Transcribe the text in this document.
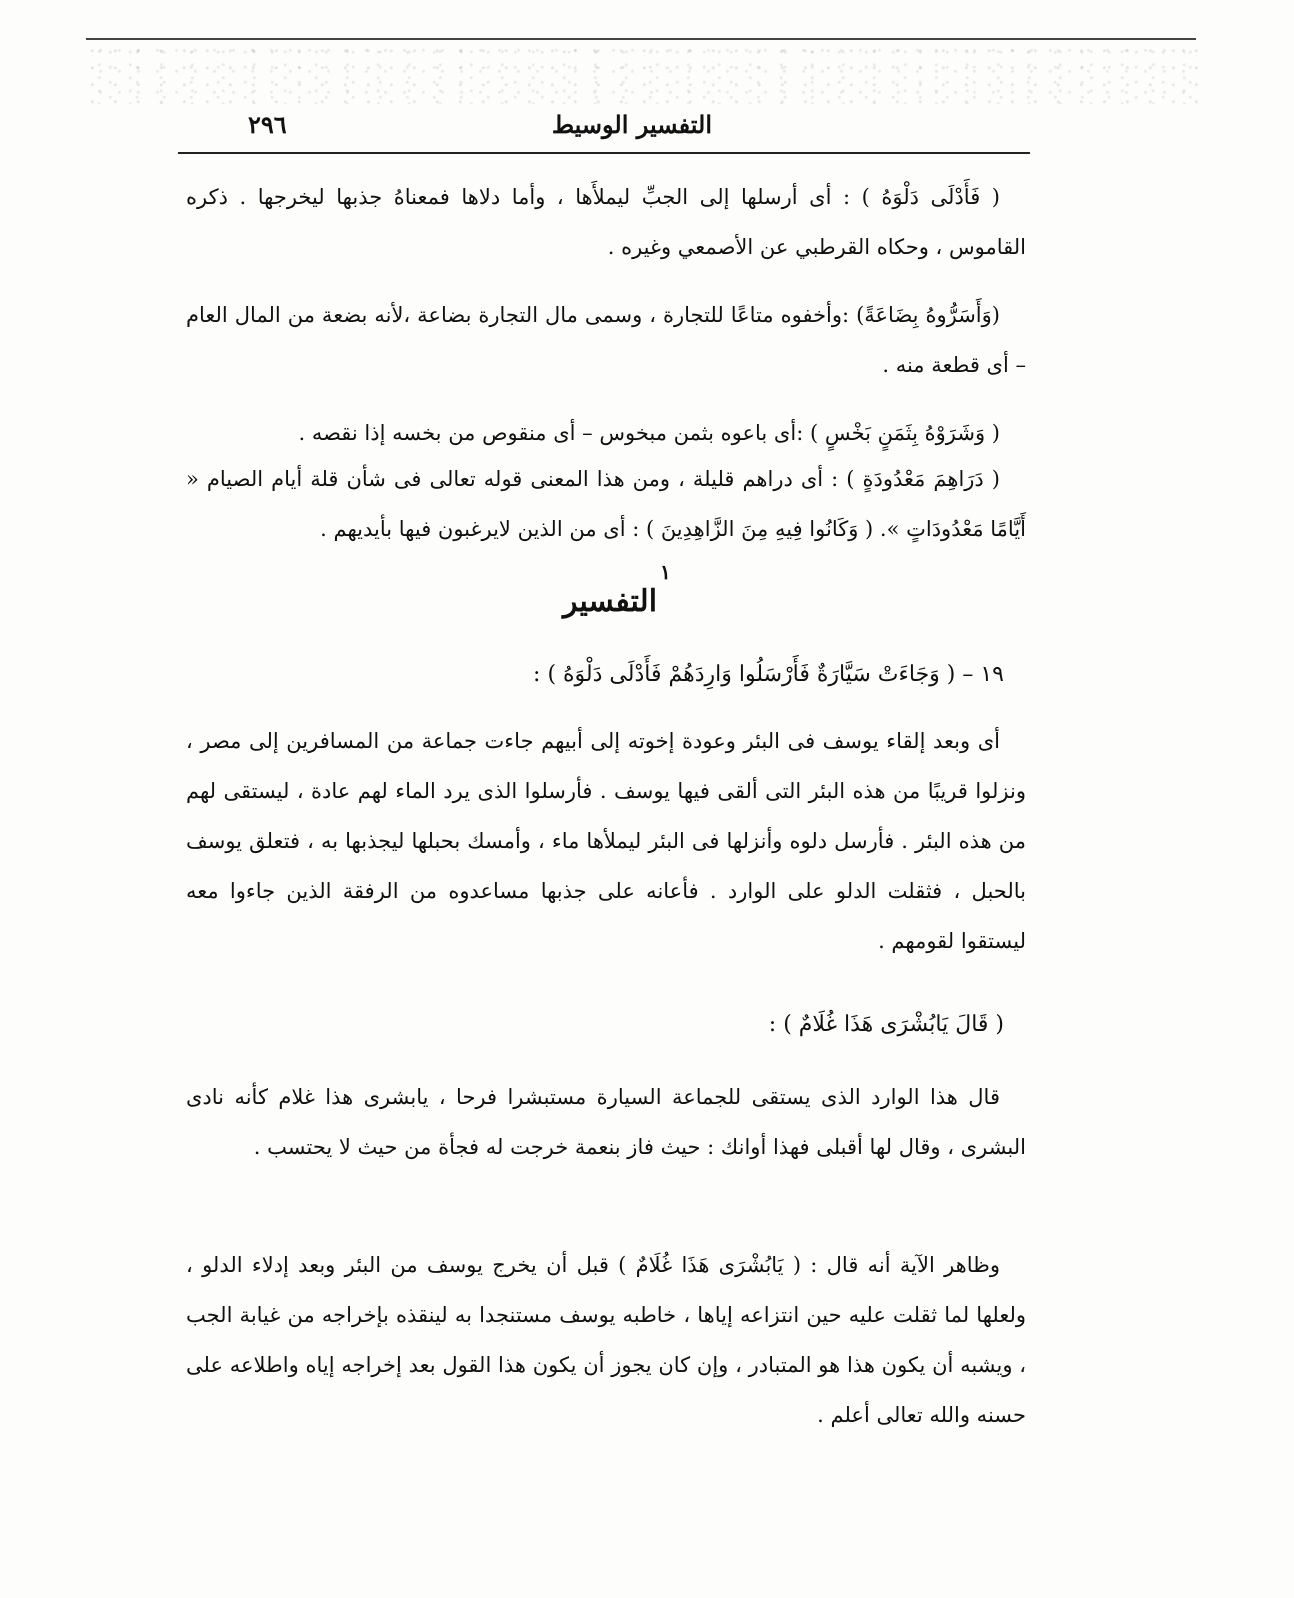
التفسير الوسيط
٢٩٦
( فَأَدْلَى دَلْوَهُ ) : أى أرسلها إلى الجبِّ ليملأَها ، وأما دلاها فمعناهُ جذبها ليخرجها . ذكره القاموس ، وحكاه القرطبي عن الأصمعي وغيره .
(وَأَسَرُّوهُ بِضَاعَةً) :وأخفوه متاعًا للتجارة ، وسمى مال التجارة بضاعة ،لأنه بضعة من المال العام – أى قطعة منه .
( وَشَرَوْهُ بِثَمَنٍ بَخْسٍ ) :أى باعوه بثمن مبخوس – أى منقوص من بخسه إذا نقصه .
( دَرَاهِمَ مَعْدُودَةٍ ) : أى دراهم قليلة ، ومن هذا المعنى قوله تعالى فى شأن قلة أيام الصيام « أَيَّامًا مَعْدُودَاتٍ ». ( وَكَانُوا فِيهِ مِنَ الزَّاهِدِينَ ) : أى من الذين لايرغبون فيها بأيديهم .
١
التفسير
١٩ – ( وَجَاءَتْ سَيَّارَةٌ فَأَرْسَلُوا وَارِدَهُمْ فَأَدْلَى دَلْوَهُ ) :
أى وبعد إلقاء يوسف فى البئر وعودة إخوته إلى أبيهم جاءت جماعة من المسافرين إلى مصر ، ونزلوا قريبًا من هذه البئر التى ألقى فيها يوسف . فأرسلوا الذى يرد الماء لهم عادة ، ليستقى لهم من هذه البئر . فأرسل دلوه وأنزلها فى البئر ليملأها ماء ، وأمسك بحبلها ليجذبها به ، فتعلق يوسف بالحبل ، فثقلت الدلو على الوارد . فأعانه على جذبها مساعدوه من الرفقة الذين جاءوا معه ليستقوا لقومهم .
( قَالَ يَابُشْرَى هَذَا غُلَامٌ ) :
قال هذا الوارد الذى يستقى للجماعة السيارة مستبشرا فرحا ، يابشرى هذا غلام كأنه نادى البشرى ، وقال لها أقبلى فهذا أوانك : حيث فاز بنعمة خرجت له فجأة من حيث لا يحتسب .
وظاهر الآية أنه قال : ( يَابُشْرَى هَذَا غُلَامٌ ) قبل أن يخرج يوسف من البئر وبعد إدلاء الدلو ، ولعلها لما ثقلت عليه حين انتزاعه إياها ، خاطبه يوسف مستنجدا به لينقذه بإخراجه من غيابة الجب ، ويشبه أن يكون هذا هو المتبادر ، وإن كان يجوز أن يكون هذا القول بعد إخراجه إياه واطلاعه على حسنه والله تعالى أعلم .
